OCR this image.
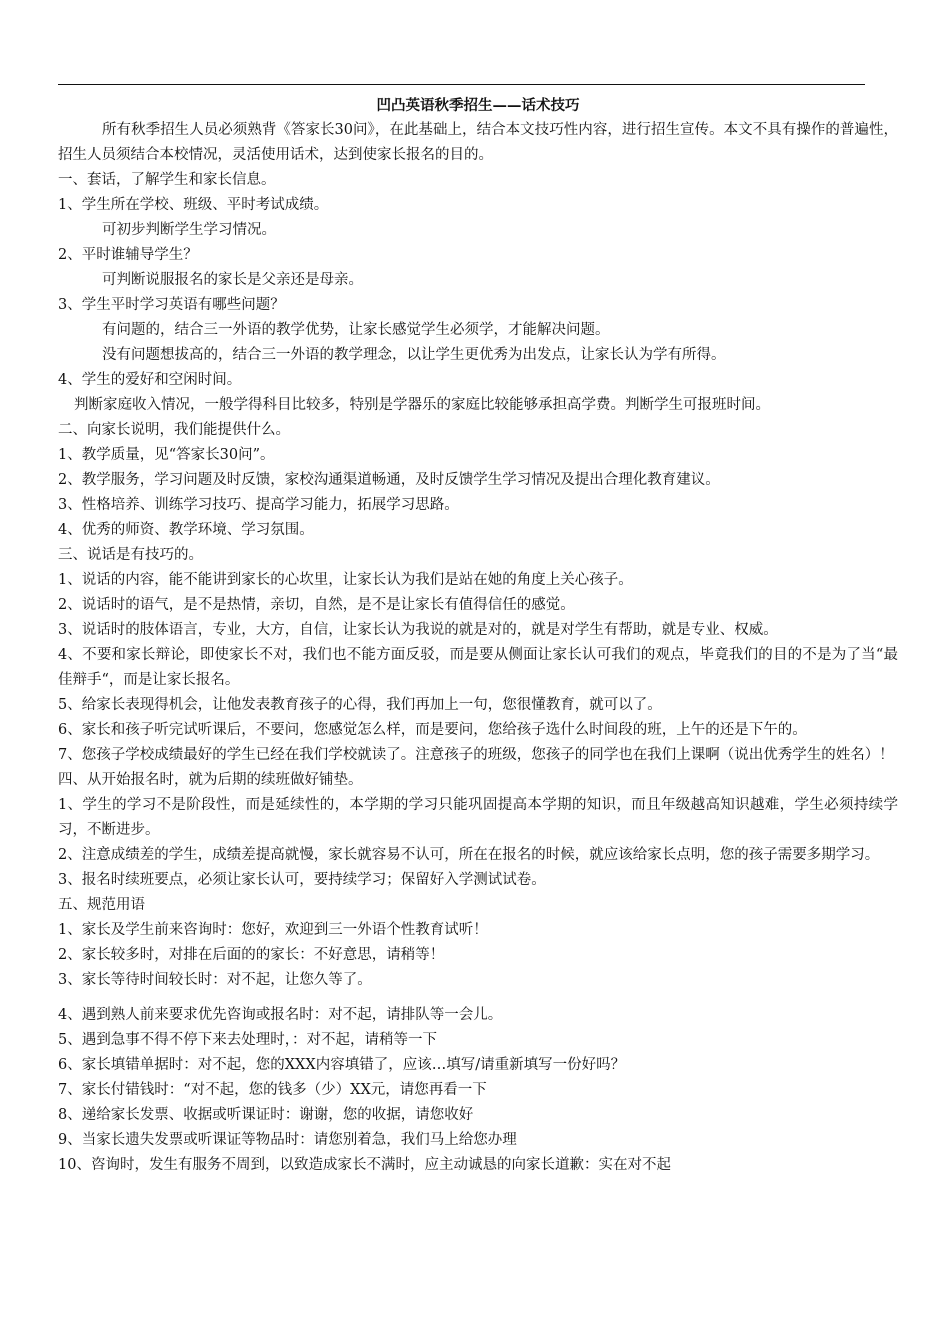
凹凸英语秋季招生——话术技巧
所有秋季招生人员必须熟背《答家长30问》，在此基础上，结合本文技巧性内容，进行招生宣传。本文不具有操作的普遍性，招生人员须结合本校情况，灵活使用话术，达到使家长报名的目的。
一、套话，了解学生和家长信息。
1、学生所在学校、班级、平时考试成绩。
可初步判断学生学习情况。
2、平时谁辅导学生？
可判断说服报名的家长是父亲还是母亲。
3、学生平时学习英语有哪些问题？
有问题的，结合三一外语的教学优势，让家长感觉学生必须学，才能解决问题。
没有问题想拔高的，结合三一外语的教学理念，以让学生更优秀为出发点，让家长认为学有所得。
4、学生的爱好和空闲时间。
判断家庭收入情况，一般学得科目比较多，特别是学器乐的家庭比较能够承担高学费。判断学生可报班时间。
二、向家长说明，我们能提供什么。
1、教学质量，见“答家长30问”。
2、教学服务，学习问题及时反馈，家校沟通渠道畅通，及时反馈学生学习情况及提出合理化教育建议。
3、性格培养、训练学习技巧、提高学习能力，拓展学习思路。
4、优秀的师资、教学环境、学习氛围。
三、说话是有技巧的。
1、说话的内容，能不能讲到家长的心坎里，让家长认为我们是站在她的角度上关心孩子。
2、说话时的语气，是不是热情，亲切，自然，是不是让家长有值得信任的感觉。
3、说话时的肢体语言，专业，大方，自信，让家长认为我说的就是对的，就是对学生有帮助，就是专业、权威。
4、不要和家长辩论，即使家长不对，我们也不能方面反驳，而是要从侧面让家长认可我们的观点，毕竟我们的目的不是为了当“最佳辩手“，而是让家长报名。
5、给家长表现得机会，让他发表教育孩子的心得，我们再加上一句，您很懂教育，就可以了。
6、家长和孩子听完试听课后，不要问，您感觉怎么样，而是要问，您给孩子选什么时间段的班，上午的还是下午的。
7、您孩子学校成绩最好的学生已经在我们学校就读了。注意孩子的班级，您孩子的同学也在我们上课啊（说出优秀学生的姓名）！
四、从开始报名时，就为后期的续班做好铺垫。
1、学生的学习不是阶段性，而是延续性的，本学期的学习只能巩固提高本学期的知识，而且年级越高知识越难，学生必须持续学习，不断进步。
2、注意成绩差的学生，成绩差提高就慢，家长就容易不认可，所在在报名的时候，就应该给家长点明，您的孩子需要多期学习。
3、报名时续班要点，必须让家长认可，要持续学习；保留好入学测试试卷。
五、规范用语
1、家长及学生前来咨询时：您好，欢迎到三一外语个性教育试听！
2、家长较多时，对排在后面的的家长：不好意思，请稍等！
3、家长等待时间较长时：对不起，让您久等了。
4、遇到熟人前来要求优先咨询或报名时：对不起，请排队等一会儿。
5、遇到急事不得不停下来去处理时，：对不起，请稍等一下
6、家长填错单据时：对不起，您的XXX内容填错了，应该…填写/请重新填写一份好吗？
7、家长付错钱时：“对不起，您的钱多（少）XX元，请您再看一下
8、递给家长发票、收据或听课证时：谢谢，您的收据，请您收好
9、当家长遗失发票或听课证等物品时：请您别着急，我们马上给您办理
10、咨询时，发生有服务不周到，以致造成家长不满时，应主动诚恳的向家长道歉：实在对不起
